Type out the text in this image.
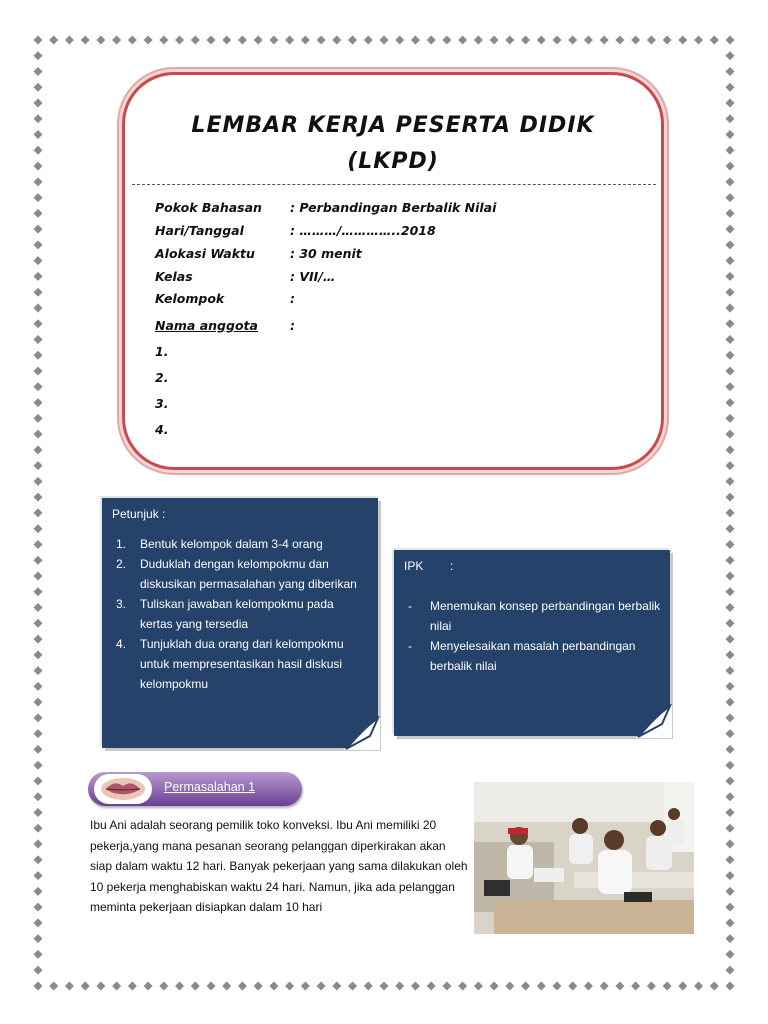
LEMBAR KERJA PESERTA DIDIK
(LKPD)
Pokok Bahasan : Perbandingan Berbalik Nilai
Hari/Tanggal	: ………/…………..2018
Alokasi Waktu	: 30 menit
Kelas	: VII/…
Kelompok	:
Nama anggota	:
1.
2.
3.
4.
Petunjuk :
1. Bentuk kelompok dalam 3-4 orang
2. Duduklah dengan kelompokmu dan diskusikan permasalahan yang diberikan
3. Tuliskan jawaban kelompokmu pada kertas yang tersedia
4. Tunjuklah dua orang dari kelompokmu untuk mempresentasikan hasil diskusi kelompokmu
IPK        :
- Menemukan konsep perbandingan berbalik nilai
- Menyelesaikan masalah perbandingan berbalik nilai
Permasalahan 1
Ibu Ani adalah seorang pemilik toko konveksi. Ibu Ani memiliki 20 pekerja,yang mana pesanan seorang pelanggan diperkirakan akan siap dalam waktu 12 hari. Banyak pekerjaan yang sama dilakukan oleh 10 pekerja menghabiskan waktu 24 hari. Namun, jika ada pelanggan meminta pekerjaan disiapkan dalam 10 hari
